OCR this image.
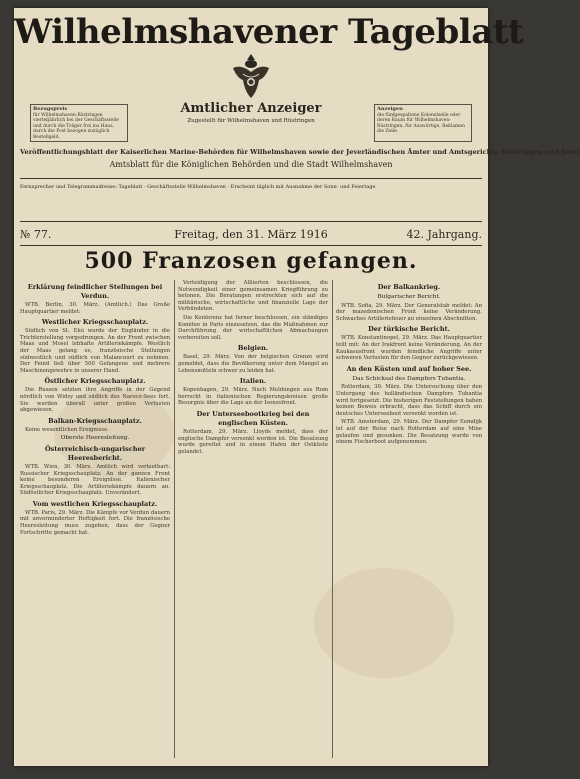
Wilhelmshavener Tageblatt
Bezugspreis
für Wilhelmshaven-Rüstringen vierteljährlich bei der Geschäftsstelle und durch die Träger frei ins Haus, durch die Post bezogen zuzüglich Bestellgeld.
Anzeigen
die fünfgespaltene Kolonelzeile oder deren Raum für Wilhelmshaven-Rüstringen, für Auswärtige, Reklamen die Zeile.
Amtlicher Anzeiger
Zugestellt für Wilhelmshaven und Rüstringen
Veröffentlichungsblatt der Kaiserlichen Marine-Behörden für Wilhelmshaven sowie der Jeverländischen Ämter und Amtsgerichte Rüstringen und Jever
Amtsblatt für die Königlichen Behörden und die Stadt Wilhelmshaven
Fernsprecher und Telegrammadresse: Tageblatt · Geschäftsstelle Wilhelmshaven · Erscheint täglich mit Ausnahme der Sonn- und Feiertage
№ 77.	Freitag, den 31. März 1916	42. Jahrgang.
500 Franzosen gefangen.
Erklärung feindlicher Stellungen bei Verdun.

WTB. Berlin, 30. März. (Amtlich.) Das Große Hauptquartier meldet:

Westlicher Kriegsschauplatz.

Südlich von St. Eloi wurde der Engländer in die Trichterstellung vorgedrungen. An der Front zwischen Maas und Mosel lebhafte Artilleriekämpfe. Westlich der Maas gelang es, französische Stellungen südwestlich und südlich von Malancourt zu nehmen. Der Feind ließ über 500 Gefangene und mehrere Maschinengewehre in unserer Hand.

Östlicher Kriegsschauplatz.

Die Russen setzten ihre Angriffe in der Gegend nördlich von Widsy und südlich des Narocz-Sees fort. Sie wurden überall unter großen Verlusten abgewiesen.

Balkan-Kriegsschauplatz.

Keine wesentlichen Ereignisse.

Oberste Heeresleitung.
Österreichisch-ungarischer Heeresbericht.

WTB. Wien, 30. März. Amtlich wird verlautbart: Russischer Kriegsschauplatz. An der ganzen Front keine besonderen Ereignisse. Italienischer Kriegsschauplatz. Die Artilleriekämpfe dauern an. Südöstlicher Kriegsschauplatz. Unverändert.

Vom westlichen Kriegsschauplatz.

WTB. Paris, 29. März. Die Kämpfe vor Verdun dauern mit unverminderter Heftigkeit fort. Die französische Heeresleitung muss zugeben, dass der Gegner Fortschritte gemacht hat.

Verteidigung der Alliierten beschlossen, die Notwendigkeit einer gemeinsamen Kriegführung zu betonen. Die Beratungen erstreckten sich auf die militärische, wirtschaftliche und finanzielle Lage der Verbündeten.

Die Konferenz hat ferner beschlossen, ein ständiges Komitee in Paris einzusetzen, das die Maßnahmen zur Durchführung der wirtschaftlichen Abmachungen vorbereiten soll.

Belgien.

Basel, 29. März. Von der belgischen Grenze wird gemeldet, dass die Bevölkerung unter dem Mangel an Lebensmitteln schwer zu leiden hat.

Italien.

Kopenhagen, 29. März. Nach Meldungen aus Rom herrscht in italienischen Regierungskreisen große Besorgnis über die Lage an der Isonzofront.

Der Unterseebootkrieg bei den englischen Küsten.

Rotterdam, 29. März. Lloyds meldet, dass der englische Dampfer versenkt worden ist. Die Besatzung wurde gerettet und in einem Hafen der Ostküste gelandet.

Der Balkankrieg.
Bulgarischer Bericht.

WTB. Sofia, 29. März. Der Generalstab meldet: An der mazedonischen Front keine Veränderung. Schwaches Artilleriefeuer an einzelnen Abschnitten.

Der türkische Bericht.

WTB. Konstantinopel, 29. März. Das Hauptquartier teilt mit: An der Irakfront keine Veränderung. An der Kaukasusfront wurden feindliche Angriffe unter schweren Verlusten für den Gegner zurückgewiesen.

An den Küsten und auf hoher See.
Das Schicksal des Dampfers Tubantia.

Rotterdam, 30. März. Die Untersuchung über den Untergang des holländischen Dampfers Tubantia wird fortgesetzt. Die bisherigen Feststellungen haben keinen Beweis erbracht, dass das Schiff durch ein deutsches Unterseeboot versenkt worden ist.

WTB. Amsterdam, 29. März. Der Dampfer Eemdijk ist auf der Reise nach Rotterdam auf eine Mine gelaufen und gesunken. Die Besatzung wurde von einem Fischerboot aufgenommen.
